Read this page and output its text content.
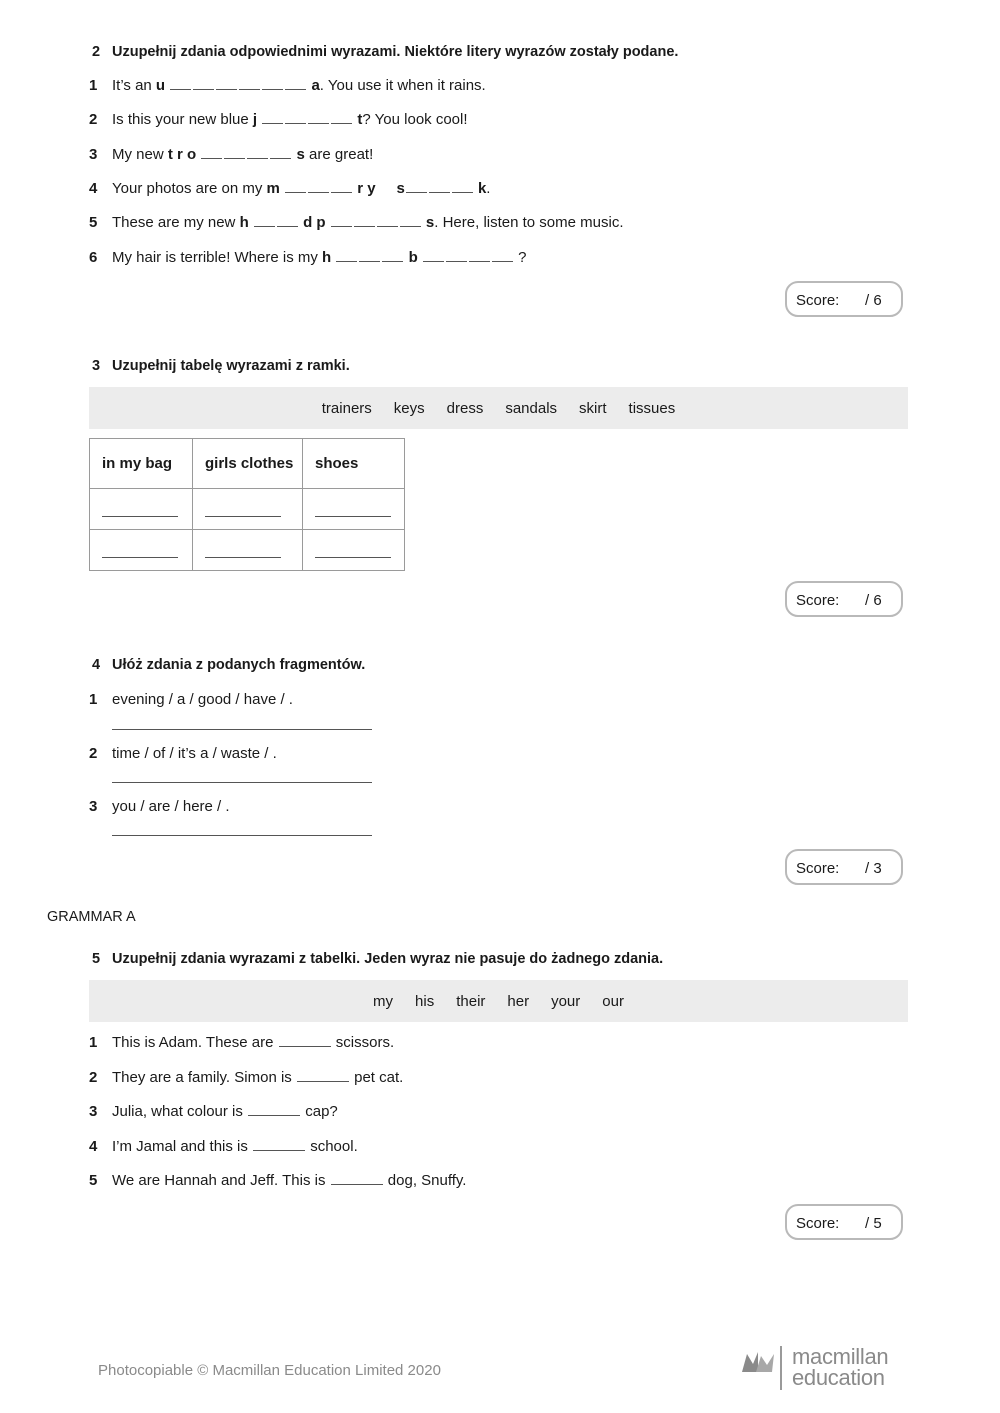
2 Uzupełnij zdania odpowiednimi wyrazami. Niektóre litery wyrazów zostały podane.
1 It’s an u	a. You use it when it rains.
2 Is this your new blue j	t? You look cool!
3 My new t r o	s are great!
4 Your photos are on my m	r y s	k.
5 These are my new h	d p	s. Here, listen to some music.
6 My hair is terrible! Where is my h	b	?
Score: / 6
3 Uzupełnij tabelę wyrazami z ramki.
trainers keys dress sandals skirt tissues
in my bag	girls clothes	shoes

Score: / 6
4 Ułóż zdania z podanych fragmentów.
1 evening / a / good / have / .
2 time / of / it’s a / waste / .
3 you / are / here / .
Score: / 3
GRAMMAR A
5 Uzupełnij zdania wyrazami z tabelki. Jeden wyraz nie pasuje do żadnego zdania.
my his their her your our
1 This is Adam. These are	scissors.
2 They are a family. Simon is	pet cat.
3 Julia, what colour is	cap?
4 I’m Jamal and this is	school.
5 We are Hannah and Jeff. This is	dog, Snuffy.
Score: / 5
Photocopiable © Macmillan Education Limited 2020
macmillan
education
